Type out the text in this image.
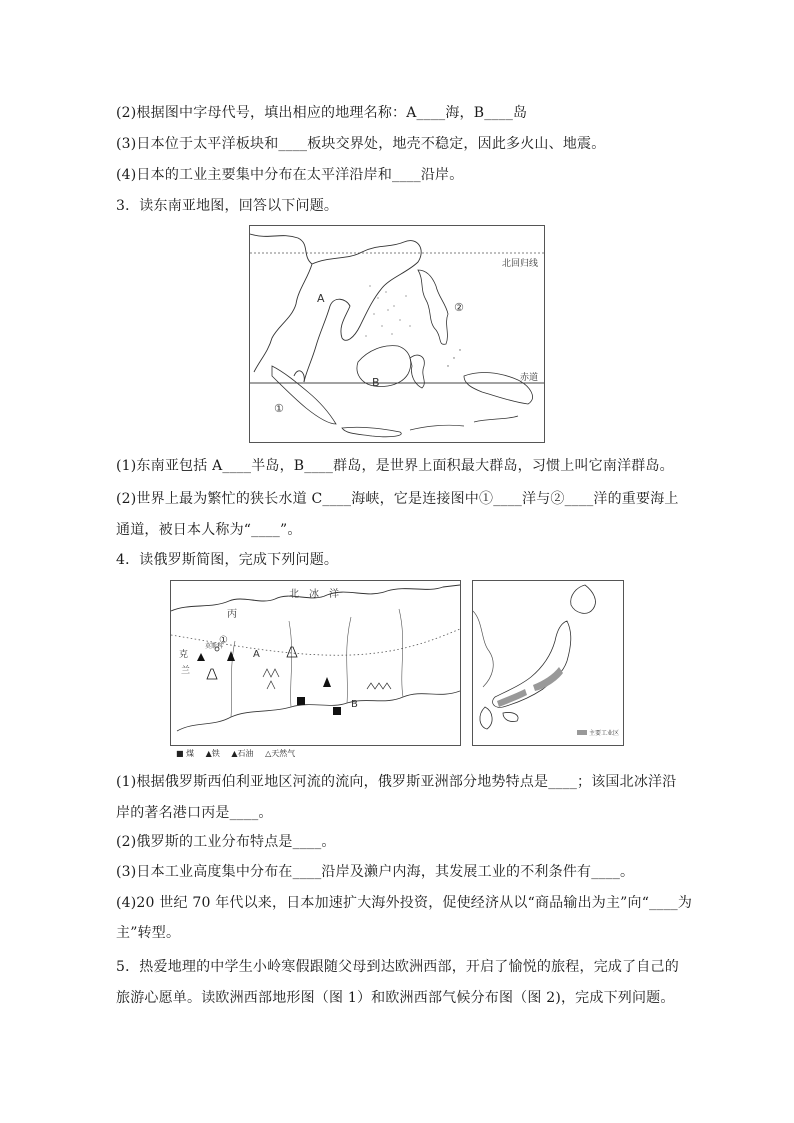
(2)根据图中字母代号，填出相应的地理名称：A____海，B____岛
(3)日本位于太平洋板块和____板块交界处，地壳不稳定，因此多火山、地震。
(4)日本的工业主要集中分布在太平洋沿岸和____沿岸。
3．读东南亚地图，回答以下问题。
北回归线
赤道
A
B
①
②
(1)东南亚包括 A____半岛，B____群岛，是世界上面积最大群岛，习惯上叫它南洋群岛。
(2)世界上最为繁忙的狭长水道 C____海峡，它是连接图中①____洋与②____洋的重要海上
通道，被日本人称为“____”。
4．读俄罗斯简图，完成下列问题。
北　冰　洋
丙
①
莫斯科
A
B
克
兰
■ 煤 ▲铁 ▲石油 △天然气
主要工业区
(1)根据俄罗斯西伯利亚地区河流的流向，俄罗斯亚洲部分地势特点是____；该国北冰洋沿
岸的著名港口丙是____。
(2)俄罗斯的工业分布特点是____。
(3)日本工业高度集中分布在____沿岸及濑户内海，其发展工业的不利条件有____。
(4)20 世纪 70 年代以来，日本加速扩大海外投资，促使经济从以“商品输出为主”向“____为
主”转型。
5．热爱地理的中学生小岭寒假跟随父母到达欧洲西部，开启了愉悦的旅程，完成了自己的
旅游心愿单。读欧洲西部地形图（图 1）和欧洲西部气候分布图（图 2)，完成下列问题。
